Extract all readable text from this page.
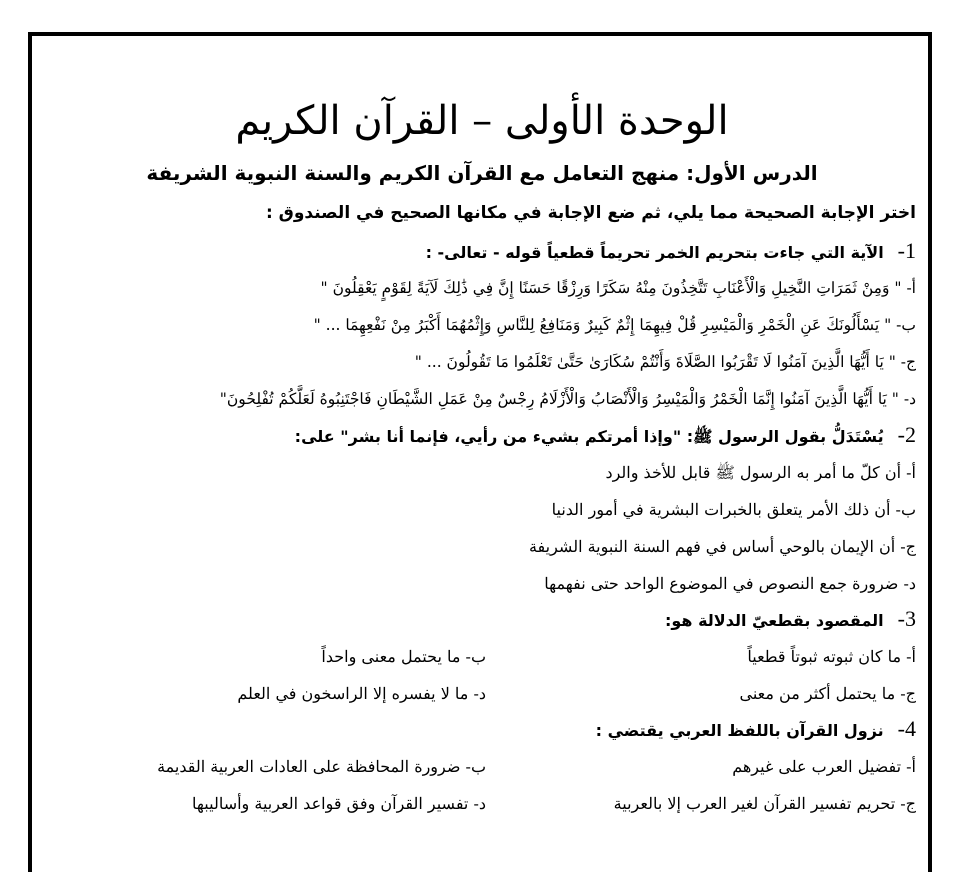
الوحدة الأولى – القرآن الكريم
الدرس الأول: منهج التعامل مع القرآن الكريم والسنة النبوية الشريفة
اختر الإجابة الصحيحة مما يلي، ثم ضع الإجابة في مكانها الصحيح في الصندوق :
1-الآية التي جاءت بتحريم الخمر تحريماً قطعياً قوله - تعالى- :
أ- " وَمِنْ ثَمَرَاتِ النَّخِيلِ وَالْأَعْنَابِ تَتَّخِذُونَ مِنْهُ سَكَرًا وَرِزْقًا حَسَنًا إِنَّ فِي ذَٰلِكَ لَآيَةً لِقَوْمٍ يَعْقِلُونَ "
ب- " يَسْأَلُونَكَ عَنِ الْخَمْرِ وَالْمَيْسِرِ قُلْ فِيهِمَا إِثْمٌ كَبِيرٌ وَمَنَافِعُ لِلنَّاسِ وَإِثْمُهُمَا أَكْبَرُ مِنْ نَفْعِهِمَا ... "
ج- " يَا أَيُّهَا الَّذِينَ آمَنُوا لَا تَقْرَبُوا الصَّلَاةَ وَأَنْتُمْ سُكَارَىٰ حَتَّىٰ تَعْلَمُوا مَا تَقُولُونَ ... "
د- " يَا أَيُّهَا الَّذِينَ آمَنُوا إِنَّمَا الْخَمْرُ وَالْمَيْسِرُ وَالْأَنْصَابُ وَالْأَزْلَامُ رِجْسٌ مِنْ عَمَلِ الشَّيْطَانِ فَاجْتَنِبُوهُ لَعَلَّكُمْ تُفْلِحُونَ"
2-يُسْتَدَلُّ بقول الرسول ﷺ: "وإذا أمرتكم بشيء من رأيي، فإنما أنا بشر" على:
أ- أن كلّ ما أمر به الرسول ﷺ قابل للأخذ والرد
ب- أن ذلك الأمر يتعلق بالخبرات البشرية في أمور الدنيا
ج- أن الإيمان بالوحي أساس في فهم السنة النبوية الشريفة
د- ضرورة جمع النصوص في الموضوع الواحد حتى نفهمها
3-المقصود بقطعيّ الدلالة هو:
أ- ما كان ثبوته ثبوتاً قطعياً
ب- ما يحتمل معنى واحداً
ج- ما يحتمل أكثر من معنى
د- ما لا يفسره إلا الراسخون في العلم
4-نزول القرآن باللفظ العربي يقتضي :
أ- تفضيل العرب على غيرهم
ب- ضرورة المحافظة على العادات العربية القديمة
ج- تحريم تفسير القرآن لغير العرب إلا بالعربية
د- تفسير القرآن وفق قواعد العربية وأساليبها
